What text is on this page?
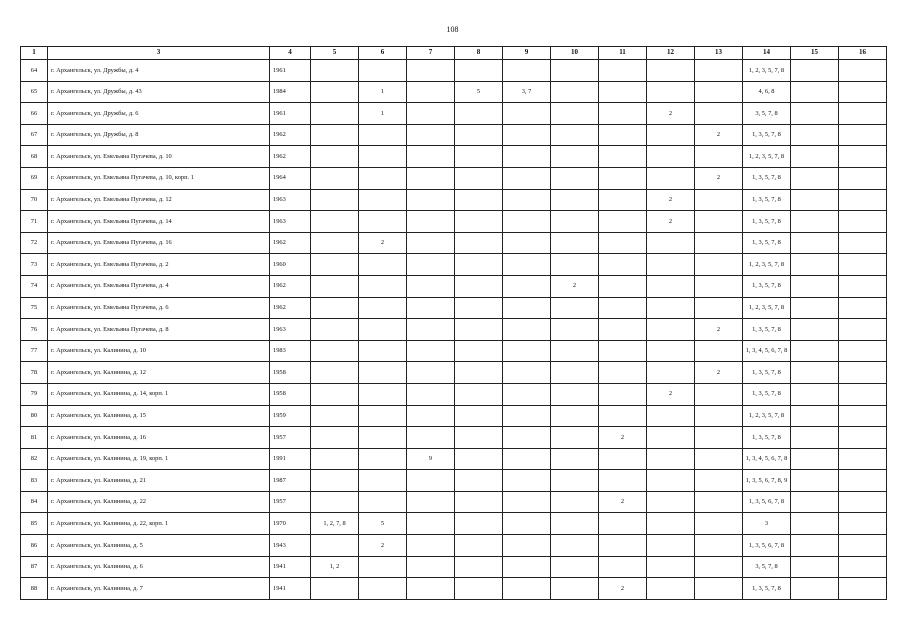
108
1	3	4	5	6	7	8	9	10	11	12	13	14	15	16
64	г. Архангельск, ул. Дружбы, д. 4	1961										1, 2, 3, 5, 7, 8		
65	г. Архангельск, ул. Дружбы, д. 43	1984		1		5	3, 7					4, 6, 8		
66	г. Архангельск, ул. Дружбы, д. 6	1961		1						2		3, 5, 7, 8		
67	г. Архангельск, ул. Дружбы, д. 8	1962									2	1, 3, 5, 7, 8		
68	г. Архангельск, ул. Емельяна Пугачева, д. 10	1962										1, 2, 3, 5, 7, 8		
69	г. Архангельск, ул. Емельяна Пугачева, д. 10, корп. 1	1964									2	1, 3, 5, 7, 8		
70	г. Архангельск, ул. Емельяна Пугачева, д. 12	1963								2		1, 3, 5, 7, 8		
71	г. Архангельск, ул. Емельяна Пугачева, д. 14	1963								2		1, 3, 5, 7, 8		
72	г. Архангельск, ул. Емельяна Пугачева, д. 16	1962		2								1, 3, 5, 7, 8		
73	г. Архангельск, ул. Емельяна Пугачева, д. 2	1960										1, 2, 3, 5, 7, 8		
74	г. Архангельск, ул. Емельяна Пугачева, д. 4	1962						2				1, 3, 5, 7, 8		
75	г. Архангельск, ул. Емельяна Пугачева, д. 6	1962										1, 2, 3, 5, 7, 8		
76	г. Архангельск, ул. Емельяна Пугачева, д. 8	1963									2	1, 3, 5, 7, 8		
77	г. Архангельск, ул. Калинина, д. 10	1983										1, 3, 4, 5, 6, 7, 8		
78	г. Архангельск, ул. Калинина, д. 12	1958									2	1, 3, 5, 7, 8		
79	г. Архангельск, ул. Калинина, д. 14, корп. 1	1958								2		1, 3, 5, 7, 8		
80	г. Архангельск, ул. Калинина, д. 15	1959										1, 2, 3, 5, 7, 8		
81	г. Архангельск, ул. Калинина, д. 16	1957							2			1, 3, 5, 7, 8		
82	г. Архангельск, ул. Калинина, д. 19, корп. 1	1991			9							1, 3, 4, 5, 6, 7, 8		
83	г. Архангельск, ул. Калинина, д. 21	1987										1, 3, 5, 6, 7, 8, 9		
84	г. Архангельск, ул. Калинина, д. 22	1957							2			1, 3, 5, 6, 7, 8		
85	г. Архангельск, ул. Калинина, д. 22, корп. 1	1970	1, 2, 7, 8	5								3		
86	г. Архангельск, ул. Калинина, д. 5	1943		2								1, 3, 5, 6, 7, 8		
87	г. Архангельск, ул. Калинина, д. 6	1941	1, 2									3, 5, 7, 8		
88	г. Архангельск, ул. Калинина, д. 7	1941							2			1, 3, 5, 7, 8		
